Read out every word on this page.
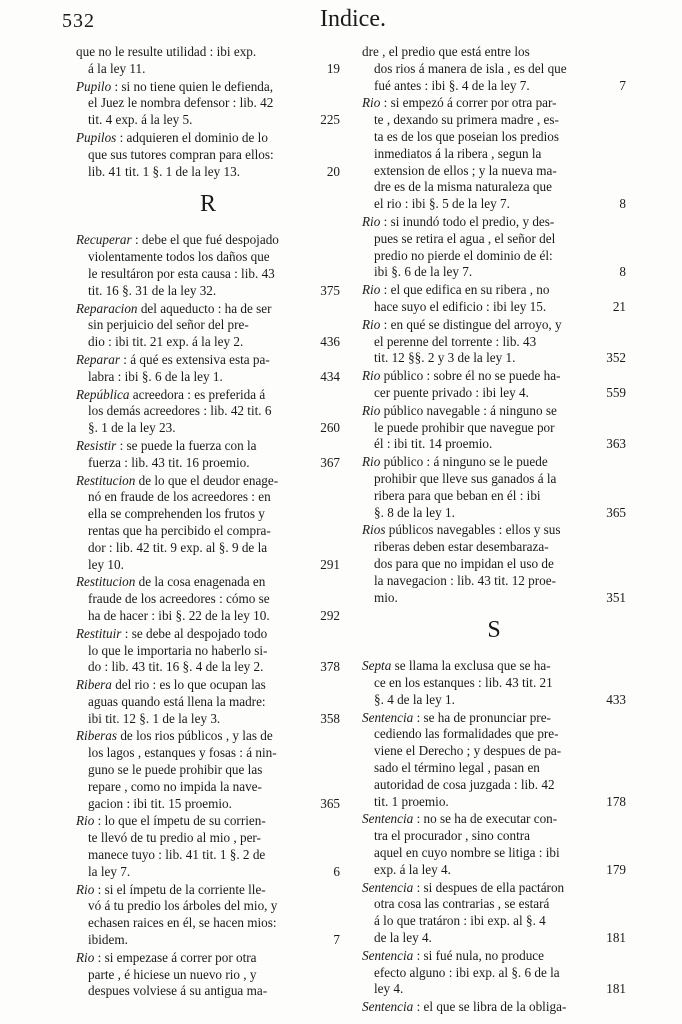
532	Indice.
que no le resulte utilidad : ibi exp.
á la ley 11.	19
Pupilo : si no tiene quien le defienda,
el Juez le nombra defensor : lib. 42
tit. 4 exp. á la ley 5.	225
Pupilos : adquieren el dominio de lo
que sus tutores compran para ellos:
lib. 41 tit. 1 §. 1 de la ley 13.	20
R
Recuperar : debe el que fué despojado
violentamente todos los daños que
le resultáron por esta causa : lib. 43
tit. 16 §. 31 de la ley 32.	375
Reparacion del aqueducto : ha de ser
sin perjuicio del señor del pre-
dio : ibi tit. 21 exp. á la ley 2.	436
Reparar : á qué es extensiva esta pa-
labra : ibi §. 6 de la ley 1.	434
República acreedora : es preferida á
los demás acreedores : lib. 42 tit. 6
§. 1 de la ley 23.	260
Resistir : se puede la fuerza con la
fuerza : lib. 43 tit. 16 proemio.	367
Restitucion de lo que el deudor enage-
nó en fraude de los acreedores : en
ella se comprehenden los frutos y
rentas que ha percibido el compra-
dor : lib. 42 tit. 9 exp. al §. 9 de la
ley 10.	291
Restitucion de la cosa enagenada en
fraude de los acreedores : cómo se
ha de hacer : ibi §. 22 de la ley 10.	292
Restituir : se debe al despojado todo
lo que le importaria no haberlo si-
do : lib. 43 tit. 16 §. 4 de la ley 2.	378
Ribera del rio : es lo que ocupan las
aguas quando está llena la madre:
ibi tit. 12 §. 1 de la ley 3.	358
Riberas de los rios públicos , y las de
los lagos , estanques y fosas : á nin-
guno se le puede prohibir que las
repare , como no impida la nave-
gacion : ibi tit. 15 proemio.	365
Rio : lo que el ímpetu de su corrien-
te llevó de tu predio al mio , per-
manece tuyo : lib. 41 tit. 1 §. 2 de
la ley 7.	6
Rio : si el ímpetu de la corriente lle-
vó á tu predio los árboles del mio, y
echasen raices en él, se hacen mios:
ibidem.	7
Rio : si empezase á correr por otra
parte , é hiciese un nuevo rio , y
despues volviese á su antigua ma-
dre , el predio que está entre los
dos rios á manera de isla , es del que
fué antes : ibi §. 4 de la ley 7.	7
Rio : si empezó á correr por otra par-
te , dexando su primera madre , es-
ta es de los que poseian los predios
inmediatos á la ribera , segun la
extension de ellos ; y la nueva ma-
dre es de la misma naturaleza que
el rio : ibi §. 5 de la ley 7.	8
Rio : si inundó todo el predio, y des-
pues se retira el agua , el señor del
predio no pierde el dominio de él:
ibi §. 6 de la ley 7.	8
Rio : el que edifica en su ribera , no
hace suyo el edificio : ibi ley 15.	21
Rio : en qué se distingue del arroyo, y
el perenne del torrente : lib. 43
tit. 12 §§. 2 y 3 de la ley 1.	352
Rio público : sobre él no se puede ha-
cer puente privado : ibi ley 4.	559
Rio público navegable : á ninguno se
le puede prohibir que navegue por
él : ibi tit. 14 proemio.	363
Rio público : á ninguno se le puede
prohibir que lleve sus ganados á la
ribera para que beban en él : ibi
§. 8 de la ley 1.	365
Rios públicos navegables : ellos y sus
riberas deben estar desembaraza-
dos para que no impidan el uso de
la navegacion : lib. 43 tit. 12 proe-
mio.	351
S
Septa se llama la exclusa que se ha-
ce en los estanques : lib. 43 tit. 21
§. 4 de la ley 1.	433
Sentencia : se ha de pronunciar pre-
cediendo las formalidades que pre-
viene el Derecho ; y despues de pa-
sado el término legal , pasan en
autoridad de cosa juzgada : lib. 42
tit. 1 proemio.	178
Sentencia : no se ha de executar con-
tra el procurador , sino contra
aquel en cuyo nombre se litiga : ibi
exp. á la ley 4.	179
Sentencia : si despues de ella pactáron
otra cosa las contrarias , se estará
á lo que tratáron : ibi exp. al §. 4
de la ley 4.	181
Sentencia : si fué nula, no produce
efecto alguno : ibi exp. al §. 6 de la
ley 4.	181
Sentencia : el que se libra de la obliga-
